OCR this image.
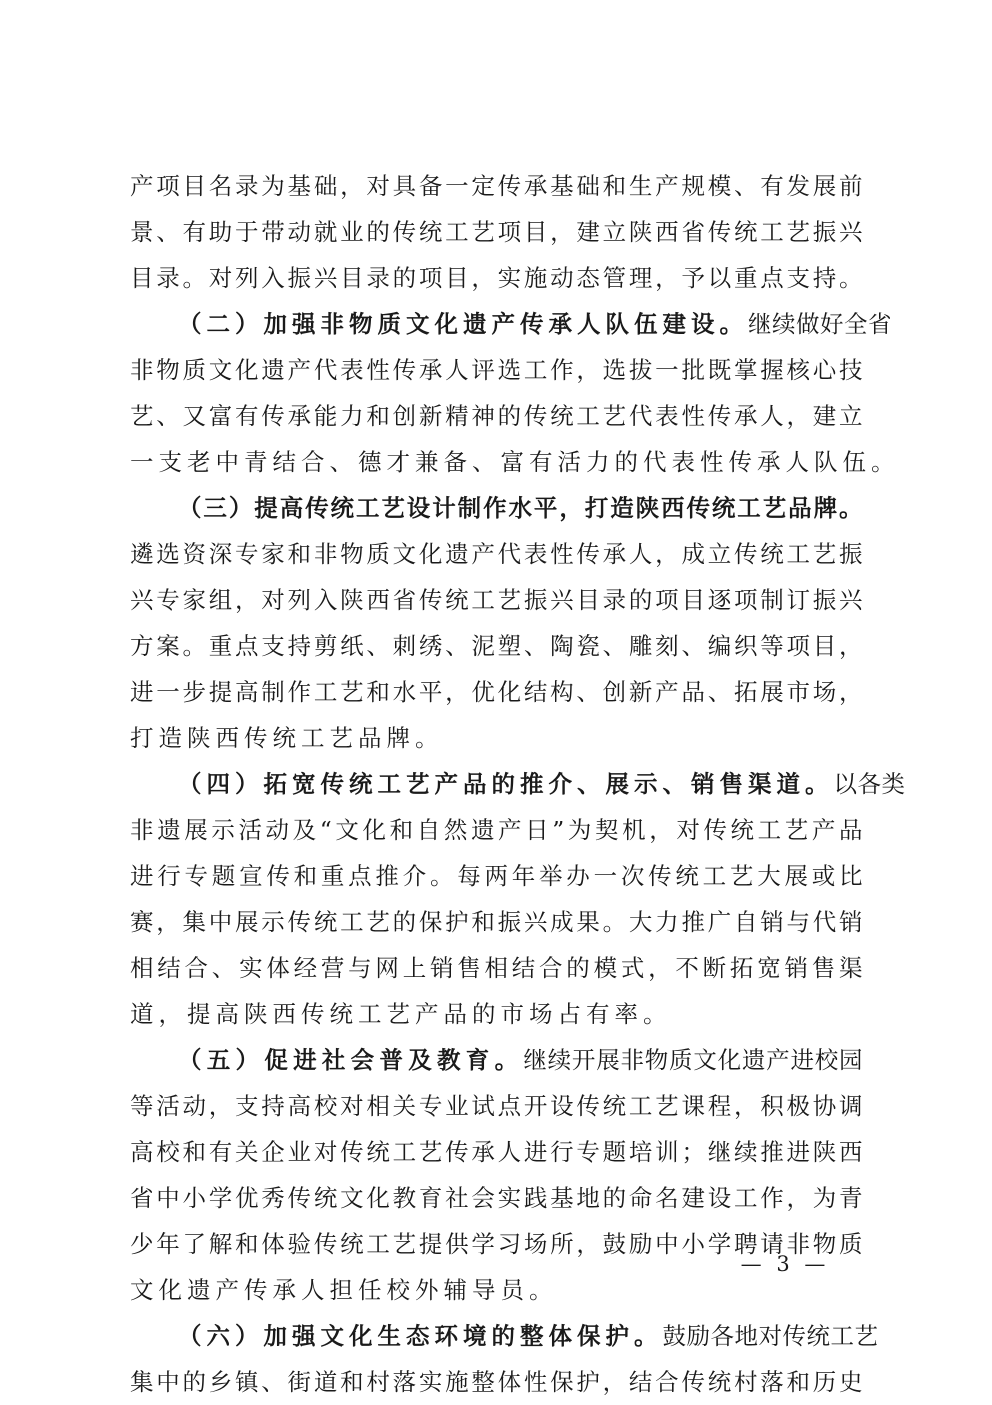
产项目名录为基础，对具备一定传承基础和生产规模、有发展前
景、有助于带动就业的传统工艺项目，建立陕西省传统工艺振兴
目录。对列入振兴目录的项目，实施动态管理，予以重点支持。
（二）加强非物质文化遗产传承人队伍建设。继续做好全省
非物质文化遗产代表性传承人评选工作，选拔一批既掌握核心技
艺、又富有传承能力和创新精神的传统工艺代表性传承人，建立
一支老中青结合、德才兼备、富有活力的代表性传承人队伍。
（三）提高传统工艺设计制作水平，打造陕西传统工艺品牌。
遴选资深专家和非物质文化遗产代表性传承人，成立传统工艺振
兴专家组，对列入陕西省传统工艺振兴目录的项目逐项制订振兴
方案。重点支持剪纸、刺绣、泥塑、陶瓷、雕刻、编织等项目，
进一步提高制作工艺和水平，优化结构、创新产品、拓展市场，
打造陕西传统工艺品牌。
（四）拓宽传统工艺产品的推介、展示、销售渠道。以各类
非遗展示活动及“文化和自然遗产日”为契机，对传统工艺产品
进行专题宣传和重点推介。每两年举办一次传统工艺大展或比
赛，集中展示传统工艺的保护和振兴成果。大力推广自销与代销
相结合、实体经营与网上销售相结合的模式，不断拓宽销售渠
道，提高陕西传统工艺产品的市场占有率。
（五）促进社会普及教育。继续开展非物质文化遗产进校园
等活动，支持高校对相关专业试点开设传统工艺课程，积极协调
高校和有关企业对传统工艺传承人进行专题培训；继续推进陕西
省中小学优秀传统文化教育社会实践基地的命名建设工作，为青
少年了解和体验传统工艺提供学习场所，鼓励中小学聘请非物质
文化遗产传承人担任校外辅导员。
（六）加强文化生态环境的整体保护。鼓励各地对传统工艺
集中的乡镇、街道和村落实施整体性保护，结合传统村落和历史
— 3 —
